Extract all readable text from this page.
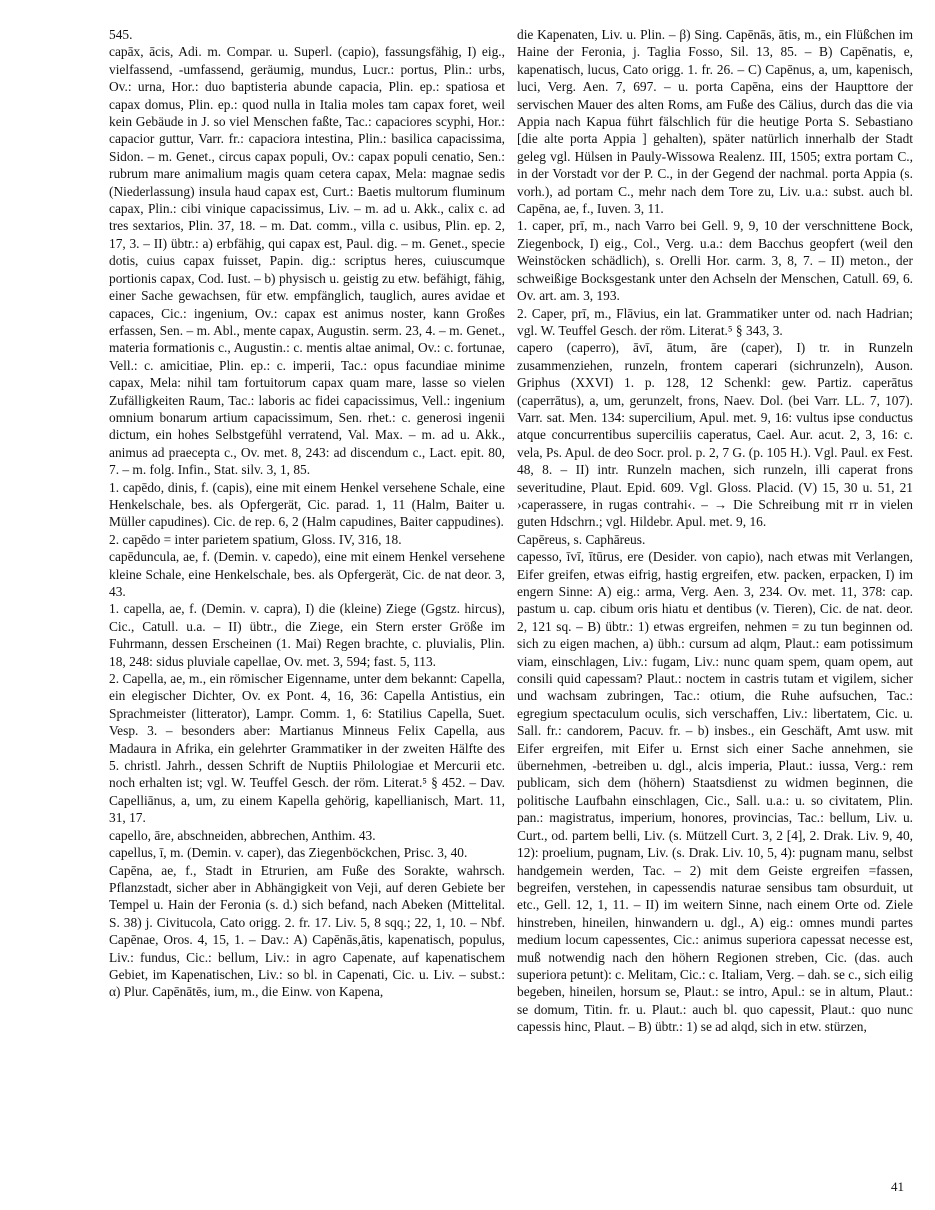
545.

capāx, ācis, Adi. m. Compar. u. Superl. (capio), fassungsfähig, I) eig., vielfassend, -umfassend, geräumig, mundus, Lucr.: portus, Plin.: urbs, Ov.: urna, Hor.: duo baptisteria abunde capacia, Plin. ep.: spatiosa et capax domus, Plin. ep.: quod nulla in Italia moles tam capax foret, weil kein Gebäude in J. so viel Menschen faßte, Tac.: capaciores scyphi, Hor.: capacior guttur, Varr. fr.: capaciora intestina, Plin.: basilica capacissima, Sidon. – m. Genet., circus capax populi, Ov.: capax populi cenatio, Sen.: rubrum mare animalium magis quam cetera capax, Mela: magnae sedis (Niederlassung) insula haud capax est, Curt.: Baetis multorum fluminum capax, Plin.: cibi vinique capacissimus, Liv. – m. ad u. Akk., calix c. ad tres sextarios, Plin. 37, 18. – m. Dat. comm., villa c. usibus, Plin. ep. 2, 17, 3. – II) übtr.: a) erbfähig, qui capax est, Paul. dig. – m. Genet., specie dotis, cuius capax fuisset, Papin. dig.: scriptus heres, cuiuscumque portionis capax, Cod. Iust. – b) physisch u. geistig zu etw. befähigt, fähig, einer Sache gewachsen, für etw. empfänglich, tauglich, aures avidae et capaces, Cic.: ingenium, Ov.: capax est animus noster, kann Großes erfassen, Sen. – m. Abl., mente capax, Augustin. serm. 23, 4. – m. Genet., materia formationis c., Augustin.: c. mentis altae animal, Ov.: c. fortunae, Vell.: c. amicitiae, Plin. ep.: c. imperii, Tac.: opus facundiae minime capax, Mela: nihil tam fortuitorum capax quam mare, lasse so vielen Zufälligkeiten Raum, Tac.: laboris ac fidei capacissimus, Vell.: ingenium omnium bonarum artium capacissimum, Sen. rhet.: c. generosi ingenii dictum, ein hohes Selbstgefühl verratend, Val. Max. – m. ad u. Akk., animus ad praecepta c., Ov. met. 8, 243: ad discendum c., Lact. epit. 80, 7. – m. folg. Infin., Stat. silv. 3, 1, 85.

1. capēdo, dinis, f. (capis), eine mit einem Henkel versehene Schale, eine Henkelschale, bes. als Opfergerät, Cic. parad. 1, 11 (Halm, Baiter u. Müller capudines). Cic. de rep. 6, 2 (Halm capudines, Baiter cappudines).

2. capēdo = inter parietem spatium, Gloss. IV, 316, 18.

capēduncula, ae, f. (Demin. v. capedo), eine mit einem Henkel versehene kleine Schale, eine Henkelschale, bes. als Opfergerät, Cic. de nat deor. 3, 43.

1. capella, ae, f. (Demin. v. capra), I) die (kleine) Ziege (Ggstz. hircus), Cic., Catull. u.a. – II) übtr., die Ziege, ein Stern erster Größe im Fuhrmann, dessen Erscheinen (1. Mai) Regen brachte, c. pluvialis, Plin. 18, 248: sidus pluviale capellae, Ov. met. 3, 594; fast. 5, 113.

2. Capella, ae, m., ein römischer Eigenname, unter dem bekannt: Capella, ein elegischer Dichter, Ov. ex Pont. 4, 16, 36: Capella Antistius, ein Sprachmeister (litterator), Lampr. Comm. 1, 6: Statilius Capella, Suet. Vesp. 3. – besonders aber: Martianus Minneus Felix Capella, aus Madaura in Afrika, ein gelehrter Grammatiker in der zweiten Hälfte des 5. christl. Jahrh., dessen Schrift de Nuptiis Philologiae et Mercurii etc. noch erhalten ist; vgl. W. Teuffel Gesch. der röm. Literat.⁵ § 452. – Dav. Capelliānus, a, um, zu einem Kapella gehörig, kapellianisch, Mart. 11, 31, 17.

capello, āre, abschneiden, abbrechen, Anthim. 43.

capellus, ī, m. (Demin. v. caper), das Ziegenböckchen, Prisc. 3, 40.

Capēna, ae, f., Stadt in Etrurien, am Fuße des Sorakte, wahrsch. Pflanzstadt, sicher aber in Abhängigkeit von Veji, auf deren Gebiete ber Tempel u. Hain der Feronia (s. d.) sich befand, nach Abeken (Mittelital. S. 38) j. Civitucola, Cato origg. 2. fr. 17. Liv. 5, 8 sqq.; 22, 1, 10. – Nbf. Capēnae, Oros. 4, 15, 1. – Dav.: A) Capēnās,ātis, kapenatisch, populus, Liv.: fundus, Cic.: bellum, Liv.: in agro Capenate, auf kapenatischem Gebiet, im Kapenatischen, Liv.: so bl. in Capenati, Cic. u. Liv. – subst.: α) Plur. Capēnātēs, ium, m., die Einw. von Kapena,

die Kapenaten, Liv. u. Plin. – β) Sing. Capēnās, ātis, m., ein Flüßchen im Haine der Feronia, j. Taglia Fosso, Sil. 13, 85. – B) Capēnatis, e, kapenatisch, lucus, Cato origg. 1. fr. 26. – C) Capēnus, a, um, kapenisch, luci, Verg. Aen. 7, 697. – u. porta Capēna, eins der Haupttore der servischen Mauer des alten Roms, am Fuße des Cälius, durch das die via Appia nach Kapua führt fälschlich für die heutige Porta S. Sebastiano [die alte porta Appia ] gehalten), später natürlich innerhalb der Stadt geleg vgl. Hülsen in Pauly-Wissowa Realenz. III, 1505; extra portam C., in der Vorstadt vor der P. C., in der Gegend der nachmal. porta Appia (s. vorh.), ad portam C., mehr nach dem Tore zu, Liv. u.a.: subst. auch bl. Capēna, ae, f., Iuven. 3, 11.

1. caper, prī, m., nach Varro bei Gell. 9, 9, 10 der verschnittene Bock, Ziegenbock, I) eig., Col., Verg. u.a.: dem Bacchus geopfert (weil den Weinstöcken schädlich), s. Orelli Hor. carm. 3, 8, 7. – II) meton., der schweißige Bocksgestank unter den Achseln der Menschen, Catull. 69, 6. Ov. art. am. 3, 193.

2. Caper, prī, m., Flāvius, ein lat. Grammatiker unter od. nach Hadrian; vgl. W. Teuffel Gesch. der röm. Literat.⁵ § 343, 3.

capero (caperro), āvī, ātum, āre (caper), I) tr. in Runzeln zusammenziehen, runzeln, frontem caperari (sichrunzeln), Auson. Griphus (XXVI) 1. p. 128, 12 Schenkl: gew. Partiz. caperātus (caperrātus), a, um, gerunzelt, frons, Naev. Dol. (bei Varr. LL. 7, 107). Varr. sat. Men. 134: supercilium, Apul. met. 9, 16: vultus ipse conductus atque concurrentibus superciliis caperatus, Cael. Aur. acut. 2, 3, 16: c. vela, Ps. Apul. de deo Socr. prol. p. 2, 7 G. (p. 105 H.). Vgl. Paul. ex Fest. 48, 8. – II) intr. Runzeln machen, sich runzeln, illi caperat frons severitudine, Plaut. Epid. 609. Vgl. Gloss. Placid. (V) 15, 30 u. 51, 21 ›caperassere, in rugas contrahi‹. – → Die Schreibung mit rr in vielen guten Hdschrn.; vgl. Hildebr. Apul. met. 9, 16.

Capēreus, s. Caphāreus.

capesso, īvī, ītūrus, ere (Desider. von capio), nach etwas mit Verlangen, Eifer greifen, etwas eifrig, hastig ergreifen, etw. packen, erpacken, I) im engern Sinne: A) eig.: arma, Verg. Aen. 3, 234. Ov. met. 11, 378: cap. pastum u. cap. cibum oris hiatu et dentibus (v. Tieren), Cic. de nat. deor. 2, 121 sq. – B) übtr.: 1) etwas ergreifen, nehmen = zu tun beginnen od. sich zu eigen machen, a) übh.: cursum ad alqm, Plaut.: eam potissimum viam, einschlagen, Liv.: fugam, Liv.: nunc quam spem, quam opem, aut consili quid capessam? Plaut.: noctem in castris tutam et vigilem, sicher und wachsam zubringen, Tac.: otium, die Ruhe aufsuchen, Tac.: egregium spectaculum oculis, sich verschaffen, Liv.: libertatem, Cic. u. Sall. fr.: candorem, Pacuv. fr. – b) insbes., ein Geschäft, Amt usw. mit Eifer ergreifen, mit Eifer u. Ernst sich einer Sache annehmen, sie übernehmen, -betreiben u. dgl., alcis imperia, Plaut.: iussa, Verg.: rem publicam, sich dem (höhern) Staatsdienst zu widmen beginnen, die politische Laufbahn einschlagen, Cic., Sall. u.a.: u. so civitatem, Plin. pan.: magistratus, imperium, honores, provincias, Tac.: bellum, Liv. u. Curt., od. partem belli, Liv. (s. Mützell Curt. 3, 2 [4], 2. Drak. Liv. 9, 40, 12): proelium, pugnam, Liv. (s. Drak. Liv. 10, 5, 4): pugnam manu, selbst handgemein werden, Tac. – 2) mit dem Geiste ergreifen =fassen, begreifen, verstehen, in capessendis naturae sensibus tam obsurduit, ut etc., Gell. 12, 1, 11. – II) im weitern Sinne, nach einem Orte od. Ziele hinstreben, hineilen, hinwandern u. dgl., A) eig.: omnes mundi partes medium locum capessentes, Cic.: animus superiora capessat necesse est, muß notwendig nach den höhern Regionen streben, Cic. (das. auch superiora petunt): c. Melitam, Cic.: c. Italiam, Verg. – dah. se c., sich eilig begeben, hineilen, horsum se, Plaut.: se intro, Apul.: se in altum, Plaut.: se domum, Titin. fr. u. Plaut.: auch bl. quo capessit, Plaut.: quo nunc capessis hinc, Plaut. – B) übtr.: 1) se ad alqd, sich in etw. stürzen,

41
